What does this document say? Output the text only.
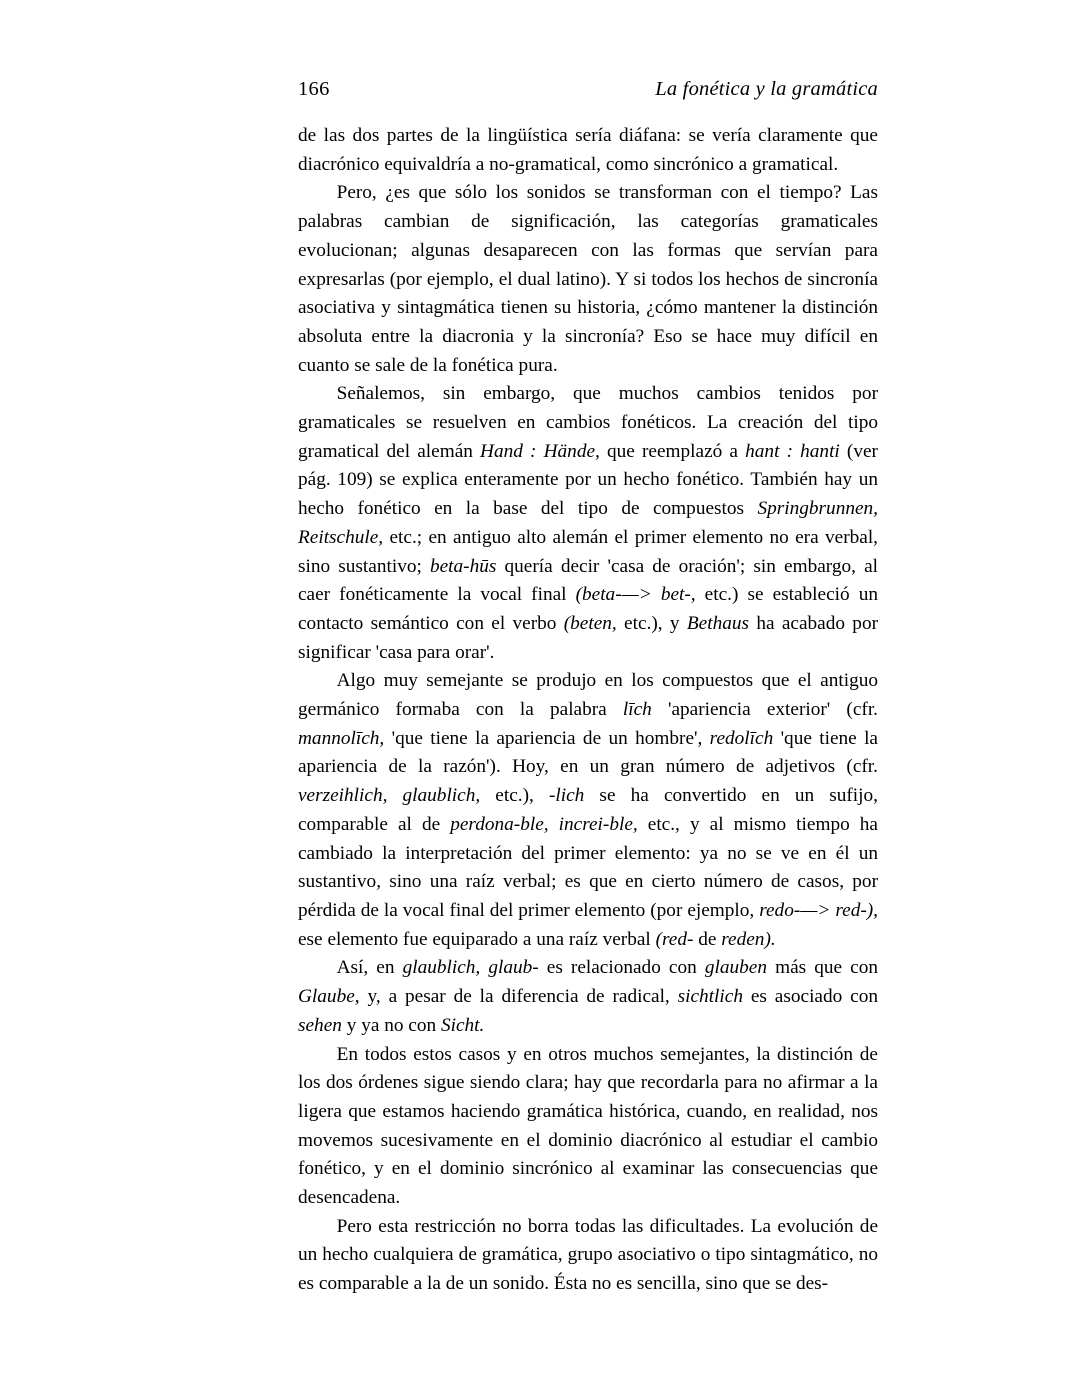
166	La fonética y la gramática

de las dos partes de la lingüística sería diáfana: se vería claramente que diacrónico equivaldría a no-gramatical, como sincrónico a gramatical.

Pero, ¿es que sólo los sonidos se transforman con el tiempo? Las palabras cambian de significación, las categorías gramaticales evolucionan; algunas desaparecen con las formas que servían para expresarlas (por ejemplo, el dual latino). Y si todos los hechos de sincronía asociativa y sintagmática tienen su historia, ¿cómo mantener la distinción absoluta entre la diacronia y la sincronía? Eso se hace muy difícil en cuanto se sale de la fonética pura.

Señalemos, sin embargo, que muchos cambios tenidos por gramaticales se resuelven en cambios fonéticos. La creación del tipo gramatical del alemán Hand : Hände, que reemplazó a hant : hanti (ver pág. 109) se explica enteramente por un hecho fonético. También hay un hecho fonético en la base del tipo de compuestos Springbrunnen, Reitschule, etc.; en antiguo alto alemán el primer elemento no era verbal, sino sustantivo; beta-hūs quería decir 'casa de oración'; sin embargo, al caer fonéticamente la vocal final (beta-—> bet-, etc.) se estableció un contacto semántico con el verbo (beten, etc.), y Bethaus ha acabado por significar 'casa para orar'.

Algo muy semejante se produjo en los compuestos que el antiguo germánico formaba con la palabra līch 'apariencia exterior' (cfr. mannolīch, 'que tiene la apariencia de un hombre', redolīch 'que tiene la apariencia de la razón'). Hoy, en un gran número de adjetivos (cfr. verzeihlich, glaublich, etc.), -lich se ha convertido en un sufijo, comparable al de perdona-ble, increi-ble, etc., y al mismo tiempo ha cambiado la interpretación del primer elemento: ya no se ve en él un sustantivo, sino una raíz verbal; es que en cierto número de casos, por pérdida de la vocal final del primer elemento (por ejemplo, redo-—> red-), ese elemento fue equiparado a una raíz verbal (red- de reden).

Así, en glaublich, glaub- es relacionado con glauben más que con Glaube, y, a pesar de la diferencia de radical, sichtlich es asociado con sehen y ya no con Sicht.

En todos estos casos y en otros muchos semejantes, la distinción de los dos órdenes sigue siendo clara; hay que recordarla para no afirmar a la ligera que estamos haciendo gramática histórica, cuando, en realidad, nos movemos sucesivamente en el dominio diacrónico al estudiar el cambio fonético, y en el dominio sincrónico al examinar las consecuencias que desencadena.

Pero esta restricción no borra todas las dificultades. La evolución de un hecho cualquiera de gramática, grupo asociativo o tipo sintagmático, no es comparable a la de un sonido. Ésta no es sencilla, sino que se des-
